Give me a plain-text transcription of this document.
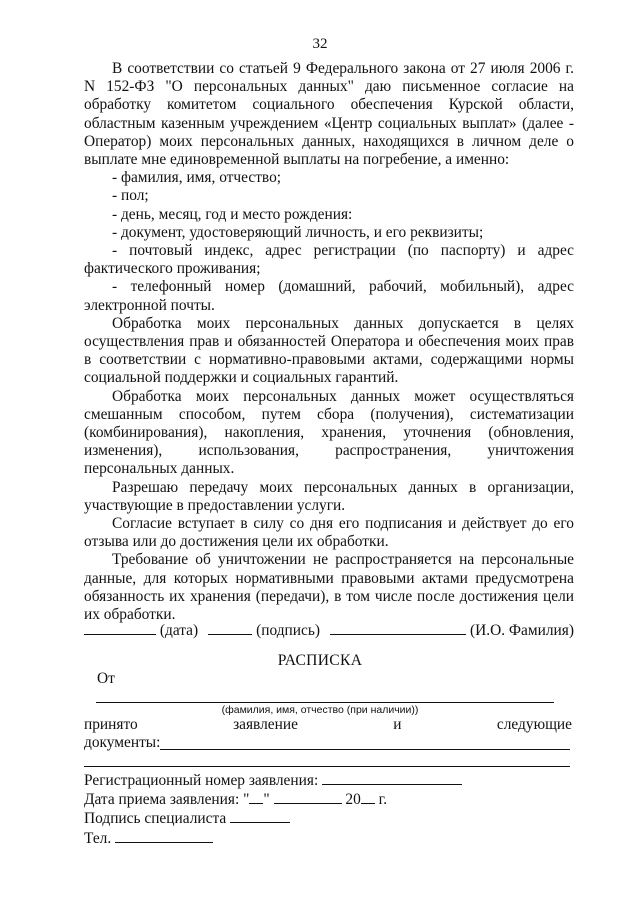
32

В соответствии со статьей 9 Федерального закона от 27 июля 2006 г. N 152-ФЗ "О персональных данных" даю письменное согласие на обработку комитетом социального обеспечения Курской области, областным казенным учреждением «Центр социальных выплат» (далее - Оператор) моих персональных данных, находящихся в личном деле о выплате мне единовременной выплаты на погребение, а именно:

- фамилия, имя, отчество;

- пол;

- день, месяц, год и место рождения:

- документ, удостоверяющий личность, и его реквизиты;

- почтовый индекс, адрес регистрации (по паспорту) и адрес фактического проживания;

- телефонный номер (домашний, рабочий, мобильный), адрес электронной почты.

Обработка моих персональных данных допускается в целях осуществления прав и обязанностей Оператора и обеспечения моих прав в соответствии с нормативно-правовыми актами, содержащими нормы социальной поддержки и социальных гарантий.

Обработка моих персональных данных может осуществляться смешанным способом, путем сбора (получения), систематизации (комбинирования), накопления, хранения, уточнения (обновления, изменения), использования, распространения, уничтожения персональных данных.

Разрешаю передачу моих персональных данных в организации, участвующие в предоставлении услуги.

Согласие вступает в силу со дня его подписания и действует до его отзыва или до достижения цели их обработки.

Требование об уничтожении не распространяется на персональные данные, для которых нормативными правовыми актами предусмотрена обязанность их хранения (передачи), в том числе после достижения цели их обработки.

(дата)	(подпись)	(И.О. Фамилия)
РАСПИСКА
От
(фамилия, имя, отчество (при наличии))
принято	заявление	и	следующие
документы:
Регистрационный номер заявления:
Дата приема заявления: " "	20 г.
Подпись специалиста
Тел.
